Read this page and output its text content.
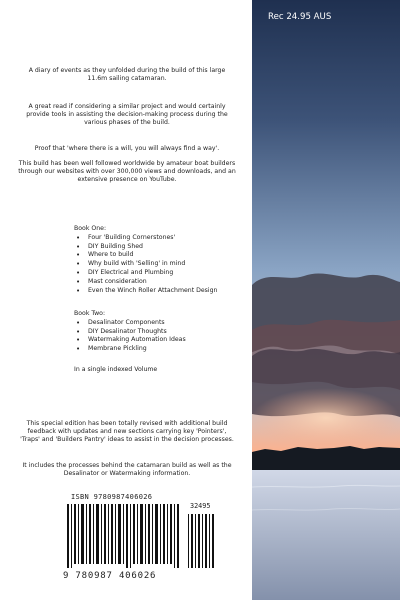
Rec 24.95 AUS

A diary of events as they unfolded during the build of this large 11.6m sailing catamaran.

A great read if considering a similar project and would certainly provide tools in assisting the decision-making process during the various phases of the build.

Proof that 'where there is a will, you will always find a way'.

This build has been well followed worldwide by amateur boat builders through our websites with over 300,000 views and downloads, and an extensive presence on YouTube.

Book One:
• Four 'Building Cornerstones'
• DIY Building Shed
• Where to build
• Why build with 'Selling' in mind
• DIY Electrical and Plumbing
• Mast consideration
• Even the Winch Roller Attachment Design
Book Two:
• Desalinator Components
• DIY Desalinator Thoughts
• Watermaking Automation Ideas
• Membrane Pickling
In a single indexed Volume

This special edition has been totally revised with additional build feedback with updates and new sections carrying key 'Pointers', 'Traps' and 'Builders Pantry' ideas to assist in the decision processes.

It includes the processes behind the catamaran build as well as the Desalinator or Watermaking information.

ISBN 9780987406026
32495
9 780987 406026
